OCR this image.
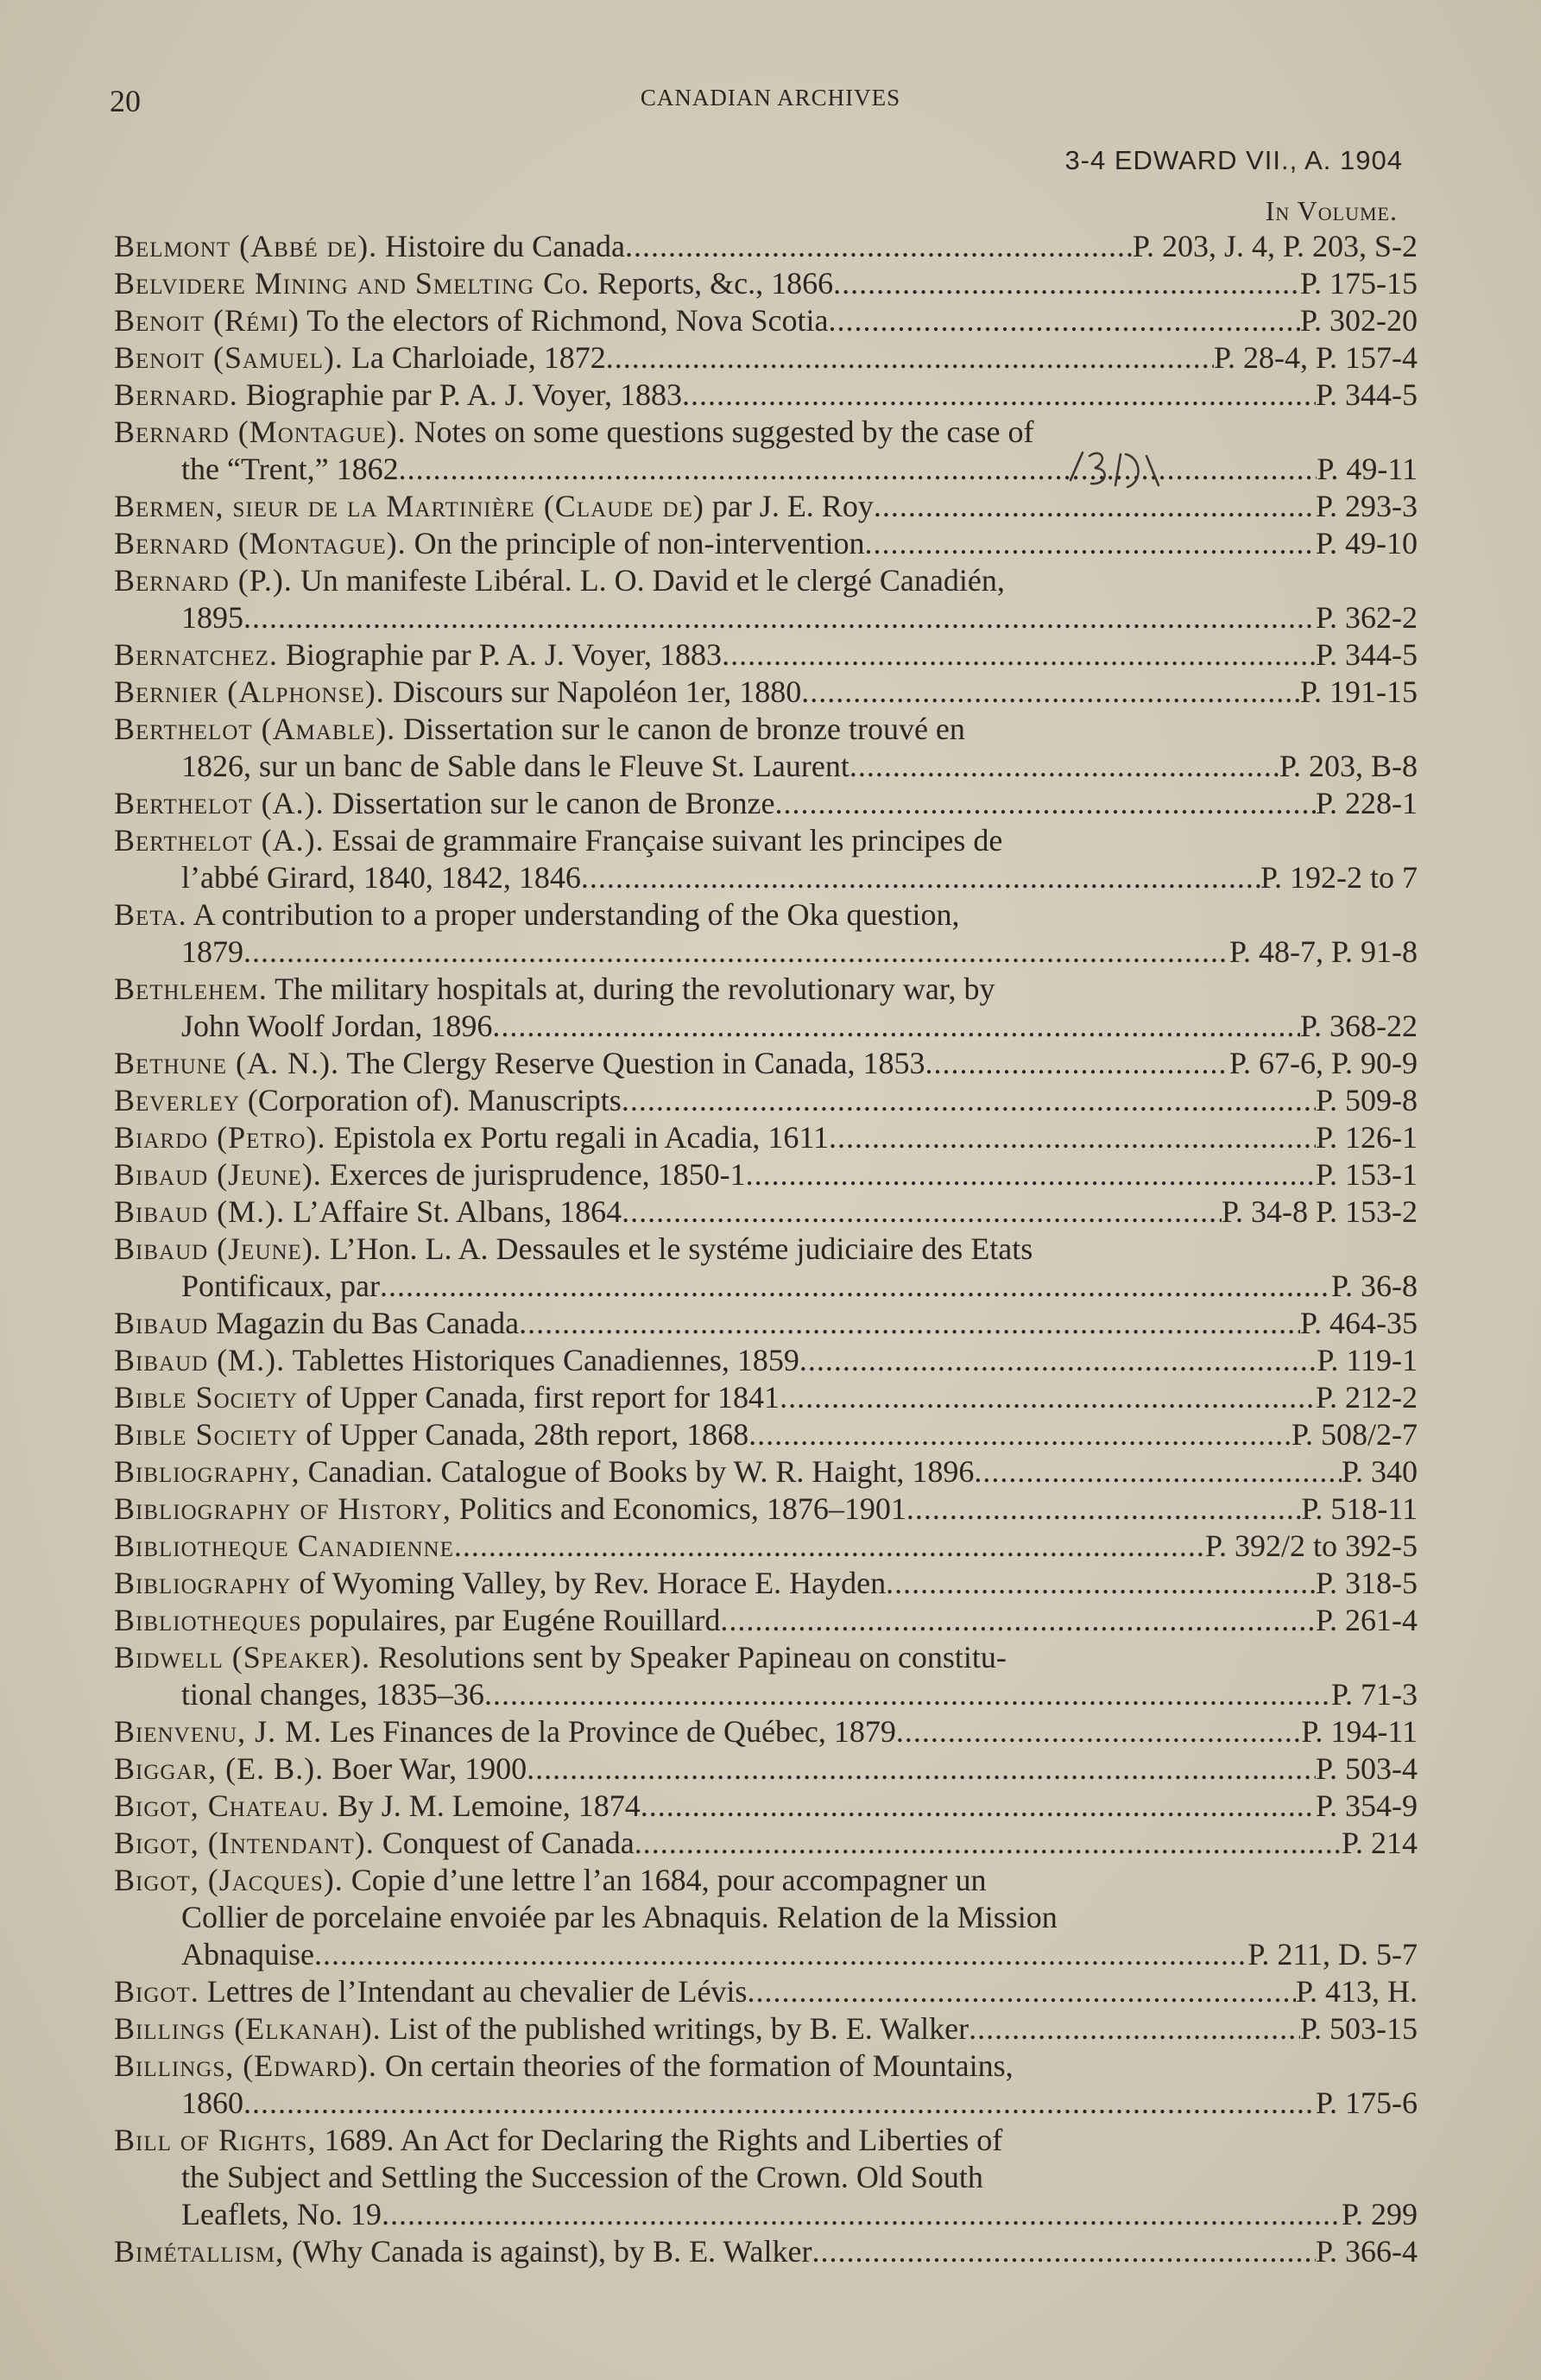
20	CANADIAN ARCHIVES
3-4 EDWARD VII., A. 1904
In Volume.
Belmont (Abbé de). Histoire du Canada . . .	P. 203, J. 4, P. 203, S-2
Belvidere Mining and Smelting Co. Reports, &c., 1866 . . .	P. 175-15
Benoit (Rémi) To the electors of Richmond, Nova Scotia . . .	P. 302-20
Benoit (Samuel). La Charloiade, 1872 . . .	P. 28-4, P. 157-4
Bernard. Biographie par P. A. J. Voyer, 1883 . . .	P. 344-5
Bernard (Montague). Notes on some questions suggested by the case of
the “Trent,” 1862 . . .	P. 49-11
Bermen, sieur de la Martinière (Claude de) par J. E. Roy . . .	P. 293-3
Bernard (Montague). On the principle of non-intervention . . .	P. 49-10
Bernard (P.). Un manifeste Libéral. L. O. David et le clergé Canadién,
1895 . . .	P. 362-2
Bernatchez. Biographie par P. A. J. Voyer, 1883 . . .	P. 344-5
Bernier (Alphonse). Discours sur Napoléon 1er, 1880 . . .	P. 191-15
Berthelot (Amable). Dissertation sur le canon de bronze trouvé en
1826, sur un banc de Sable dans le Fleuve St. Laurent . . .	P. 203, B-8
Berthelot (A.). Dissertation sur le canon de Bronze . . .	P. 228-1
Berthelot (A.). Essai de grammaire Française suivant les principes de
l’abbé Girard, 1840, 1842, 1846 . . .	P. 192-2 to 7
Beta. A contribution to a proper understanding of the Oka question,
1879 . . .	P. 48-7, P. 91-8
Bethlehem. The military hospitals at, during the revolutionary war, by
John Woolf Jordan, 1896 . . .	P. 368-22
Bethune (A. N.). The Clergy Reserve Question in Canada, 1853 . . .	P. 67-6, P. 90-9
Beverley (Corporation of). Manuscripts . . .	P. 509-8
Biardo (Petro). Epistola ex Portu regali in Acadia, 1611 . . .	P. 126-1
Bibaud (Jeune). Exerces de jurisprudence, 1850-1 . . .	P. 153-1
Bibaud (M.). L’Affaire St. Albans, 1864 . . .	P. 34-8 P. 153-2
Bibaud (Jeune). L’Hon. L. A. Dessaules et le systéme judiciaire des Etats
Pontificaux, par . . .	P. 36-8
Bibaud Magazin du Bas Canada . . .	P. 464-35
Bibaud (M.). Tablettes Historiques Canadiennes, 1859 . . .	P. 119-1
Bible Society of Upper Canada, first report for 1841 . . .	P. 212-2
Bible Society of Upper Canada, 28th report, 1868 . . .	P. 508/2-7
Bibliography, Canadian. Catalogue of Books by W. R. Haight, 1896 . . .	P. 340
Bibliography of History, Politics and Economics, 1876–1901 . . .	P. 518-11
Bibliotheque Canadienne . . .	P. 392/2 to 392-5
Bibliography of Wyoming Valley, by Rev. Horace E. Hayden . . .	P. 318-5
Bibliotheques populaires, par Eugéne Rouillard . . .	P. 261-4
Bidwell (Speaker). Resolutions sent by Speaker Papineau on constitu-
tional changes, 1835–36 . . .	P. 71-3
Bienvenu, J. M. Les Finances de la Province de Québec, 1879 . . .	P. 194-11
Biggar, (E. B.). Boer War, 1900 . . .	P. 503-4
Bigot, Chateau. By J. M. Lemoine, 1874 . . .	P. 354-9
Bigot, (Intendant). Conquest of Canada . . .	P. 214
Bigot, (Jacques). Copie d’une lettre l’an 1684, pour accompagner un
Collier de porcelaine envoiée par les Abnaquis. Relation de la Mission
Abnaquise . . .	P. 211, D. 5-7
Bigot. Lettres de l’Intendant au chevalier de Lévis . . .	P. 413, H.
Billings (Elkanah). List of the published writings, by B. E. Walker . . .	P. 503-15
Billings, (Edward). On certain theories of the formation of Mountains,
1860 . . .	P. 175-6
Bill of Rights, 1689. An Act for Declaring the Rights and Liberties of
the Subject and Settling the Succession of the Crown. Old South
Leaflets, No. 19 . . .	P. 299
Bimétallism, (Why Canada is against), by B. E. Walker . . .	P. 366-4
